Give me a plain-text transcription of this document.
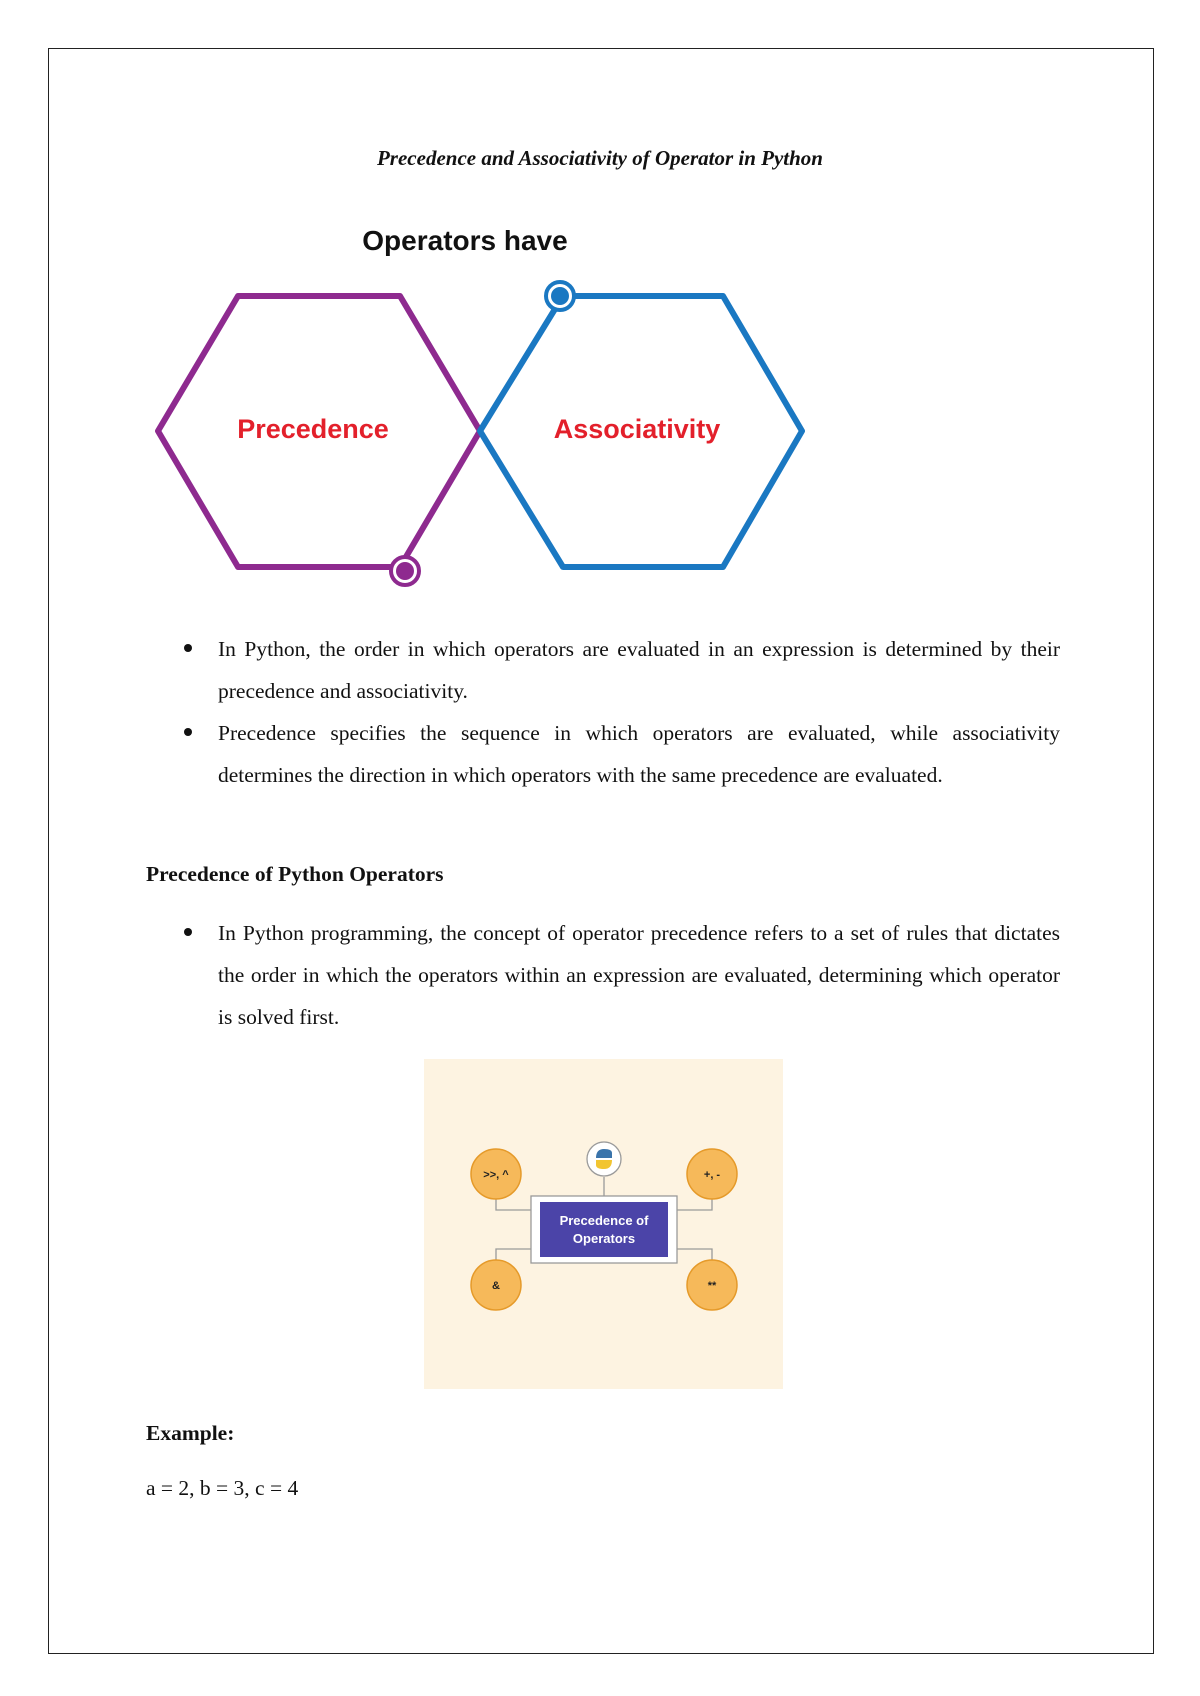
Precedence and Associativity of Operator in Python
Operators have
Precedence	Associativity
In Python, the order in which operators are evaluated in an expression is determined by their precedence and associativity.
Precedence specifies the sequence in which operators are evaluated, while associativity determines the direction in which operators with the same precedence are evaluated.
Precedence of Python Operators
In Python programming, the concept of operator precedence refers to a set of rules that dictates the order in which the operators within an expression are evaluated, determining which operator is solved first.
Precedence of
Operators
>>, ^	+, -
&	**
Example:
a = 2, b = 3, c = 4
